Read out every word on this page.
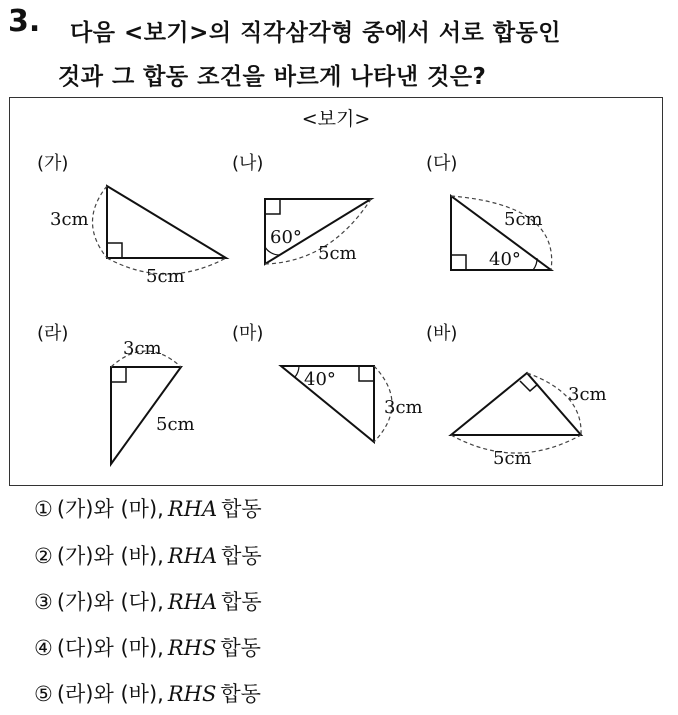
3. 다음 <보기>의 직각삼각형 중에서 서로 합동인
것과 그 합동 조건을 바르게 나타낸 것은?
<보기>
(가)	(나)	(다)
(라)	(마)	(바)
3cm
5cm
60°
5cm
5cm
40°
3cm
5cm
40°
3cm
3cm
5cm
① (가)와 (마), RHA 합동
② (가)와 (바), RHA 합동
③ (가)와 (다), RHA 합동
④ (다)와 (마), RHS 합동
⑤ (라)와 (바), RHS 합동
